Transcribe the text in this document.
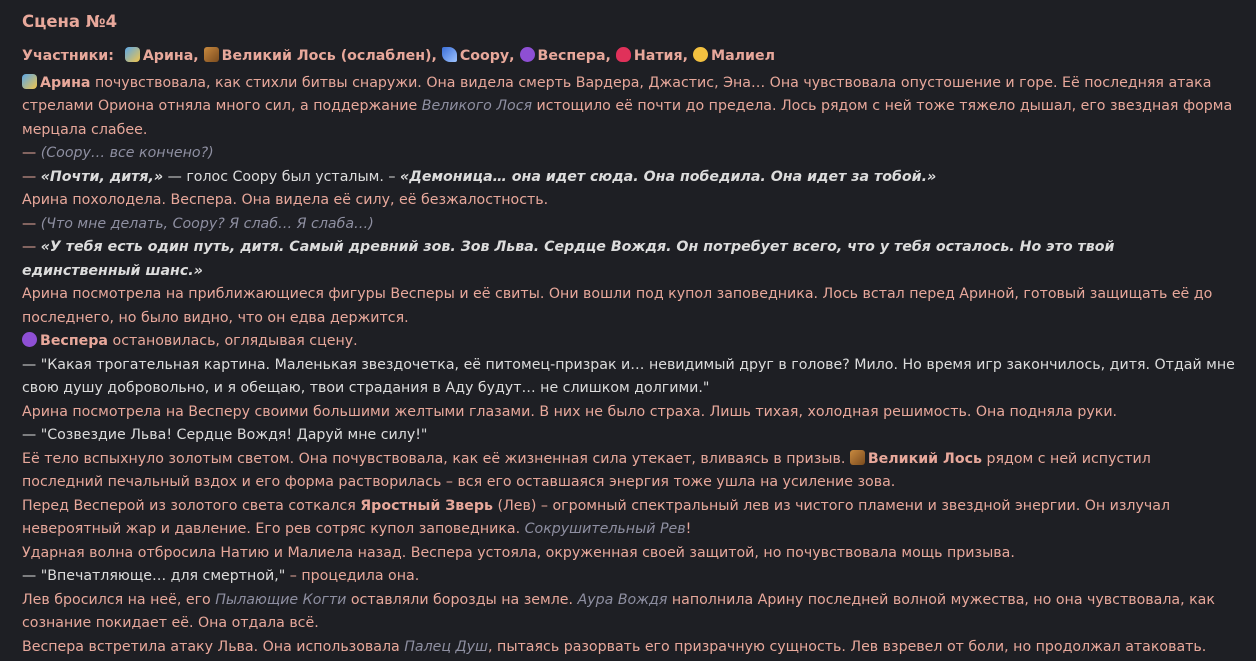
Сцена №4

Участники: Арина, Великий Лось (ослаблен), Соору, Веспера, Натия, Малиел

Арина почувствовала, как стихли битвы снаружи. Она видела смерть Вардера, Джастис, Эна… Она чувствовала опустошение и горе. Её последняя атака стрелами Ориона отняла много сил, а поддержание Великого Лося истощило её почти до предела. Лось рядом с ней тоже тяжело дышал, его звездная форма мерцала слабее.

— (Соору… все кончено?)

— «Почти, дитя,» — голос Соору был усталым. – «Демоница… она идет сюда. Она победила. Она идет за тобой.»

Арина похолодела. Веспера. Она видела её силу, её безжалостность.

— (Что мне делать, Соору? Я слаб… Я слаба…)

— «У тебя есть один путь, дитя. Самый древний зов. Зов Льва. Сердце Вождя. Он потребует всего, что у тебя осталось. Но это твой единственный шанс.»

Арина посмотрела на приближающиеся фигуры Весперы и её свиты. Они вошли под купол заповедника. Лось встал перед Ариной, готовый защищать её до последнего, но было видно, что он едва держится.

Веспера остановилась, оглядывая сцену.

— "Какая трогательная картина. Маленькая звездочетка, её питомец-призрак и… невидимый друг в голове? Мило. Но время игр закончилось, дитя. Отдай мне свою душу добровольно, и я обещаю, твои страдания в Аду будут… не слишком долгими."

Арина посмотрела на Весперу своими большими желтыми глазами. В них не было страха. Лишь тихая, холодная решимость. Она подняла руки.

— "Созвездие Льва! Сердце Вождя! Даруй мне силу!"

Её тело вспыхнуло золотым светом. Она почувствовала, как её жизненная сила утекает, вливаясь в призыв. Великий Лось рядом с ней испустил последний печальный вздох и его форма растворилась – вся его оставшаяся энергия тоже ушла на усиление зова.

Перед Весперой из золотого света соткался Яростный Зверь (Лев) – огромный спектральный лев из чистого пламени и звездной энергии. Он излучал невероятный жар и давление. Его рев сотряс купол заповедника. Сокрушительный Рев!

Ударная волна отбросила Натию и Малиела назад. Веспера устояла, окруженная своей защитой, но почувствовала мощь призыва.

— "Впечатляюще… для смертной," – процедила она.

Лев бросился на неё, его Пылающие Когти оставляли борозды на земле. Аура Вождя наполнила Арину последней волной мужества, но она чувствовала, как сознание покидает её. Она отдала всё.

Веспера встретила атаку Льва. Она использовала Палец Душ, пытаясь разорвать его призрачную сущность. Лев взревел от боли, но продолжал атаковать.
